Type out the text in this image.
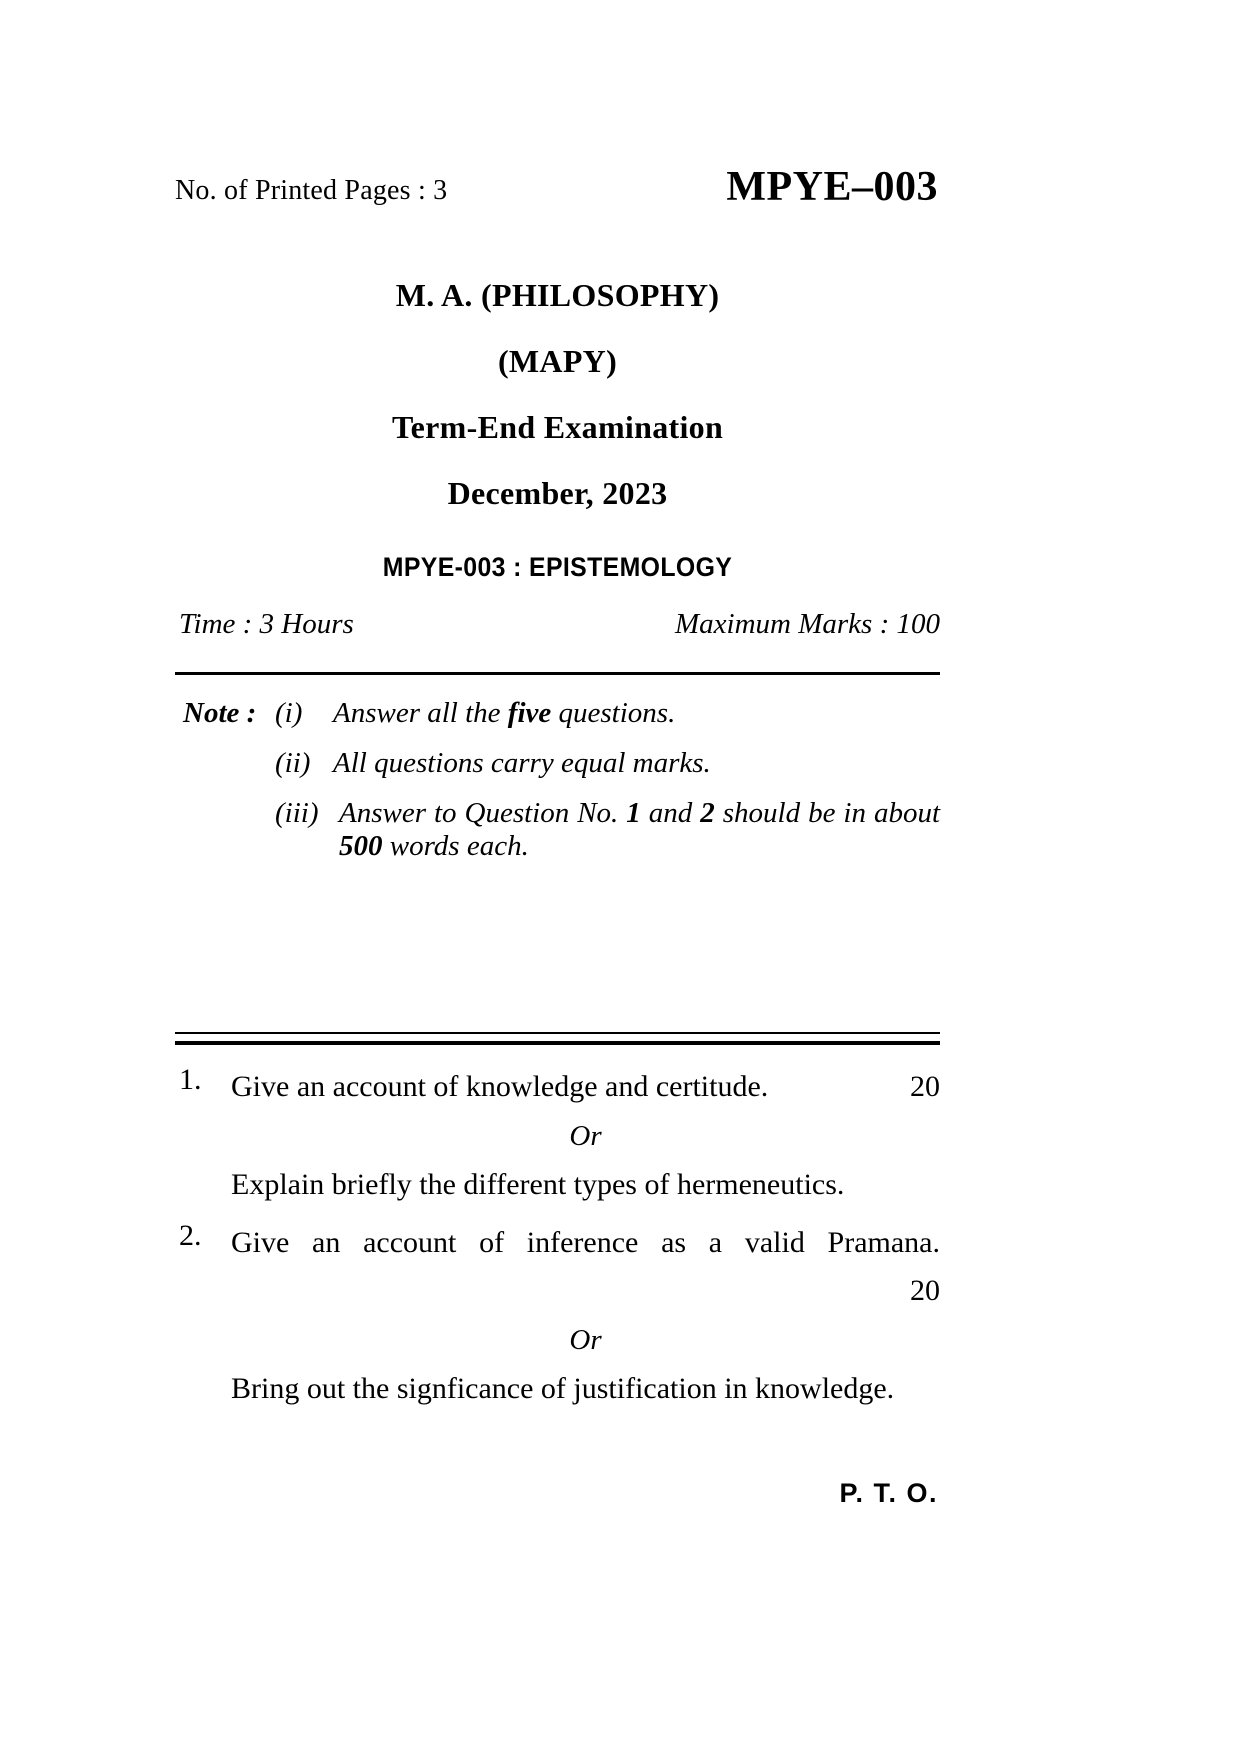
No. of Printed Pages : 3	MPYE–003
M. A. (PHILOSOPHY)
(MAPY)
Term-End Examination
December, 2023
MPYE-003 : EPISTEMOLOGY
Time : 3 Hours	Maximum Marks : 100
Note : (i)	Answer all the five questions.
(ii) All questions carry equal marks.
(iii) Answer to Question No. 1 and 2 should be in about 500 words each.
1. Give an account of knowledge and certitude.	20
Or
Explain briefly the different types of hermeneutics.
2. Give an account of inference as a valid Pramana.
20
Or
Bring out the signficance of justification in knowledge.
P. T. O.
